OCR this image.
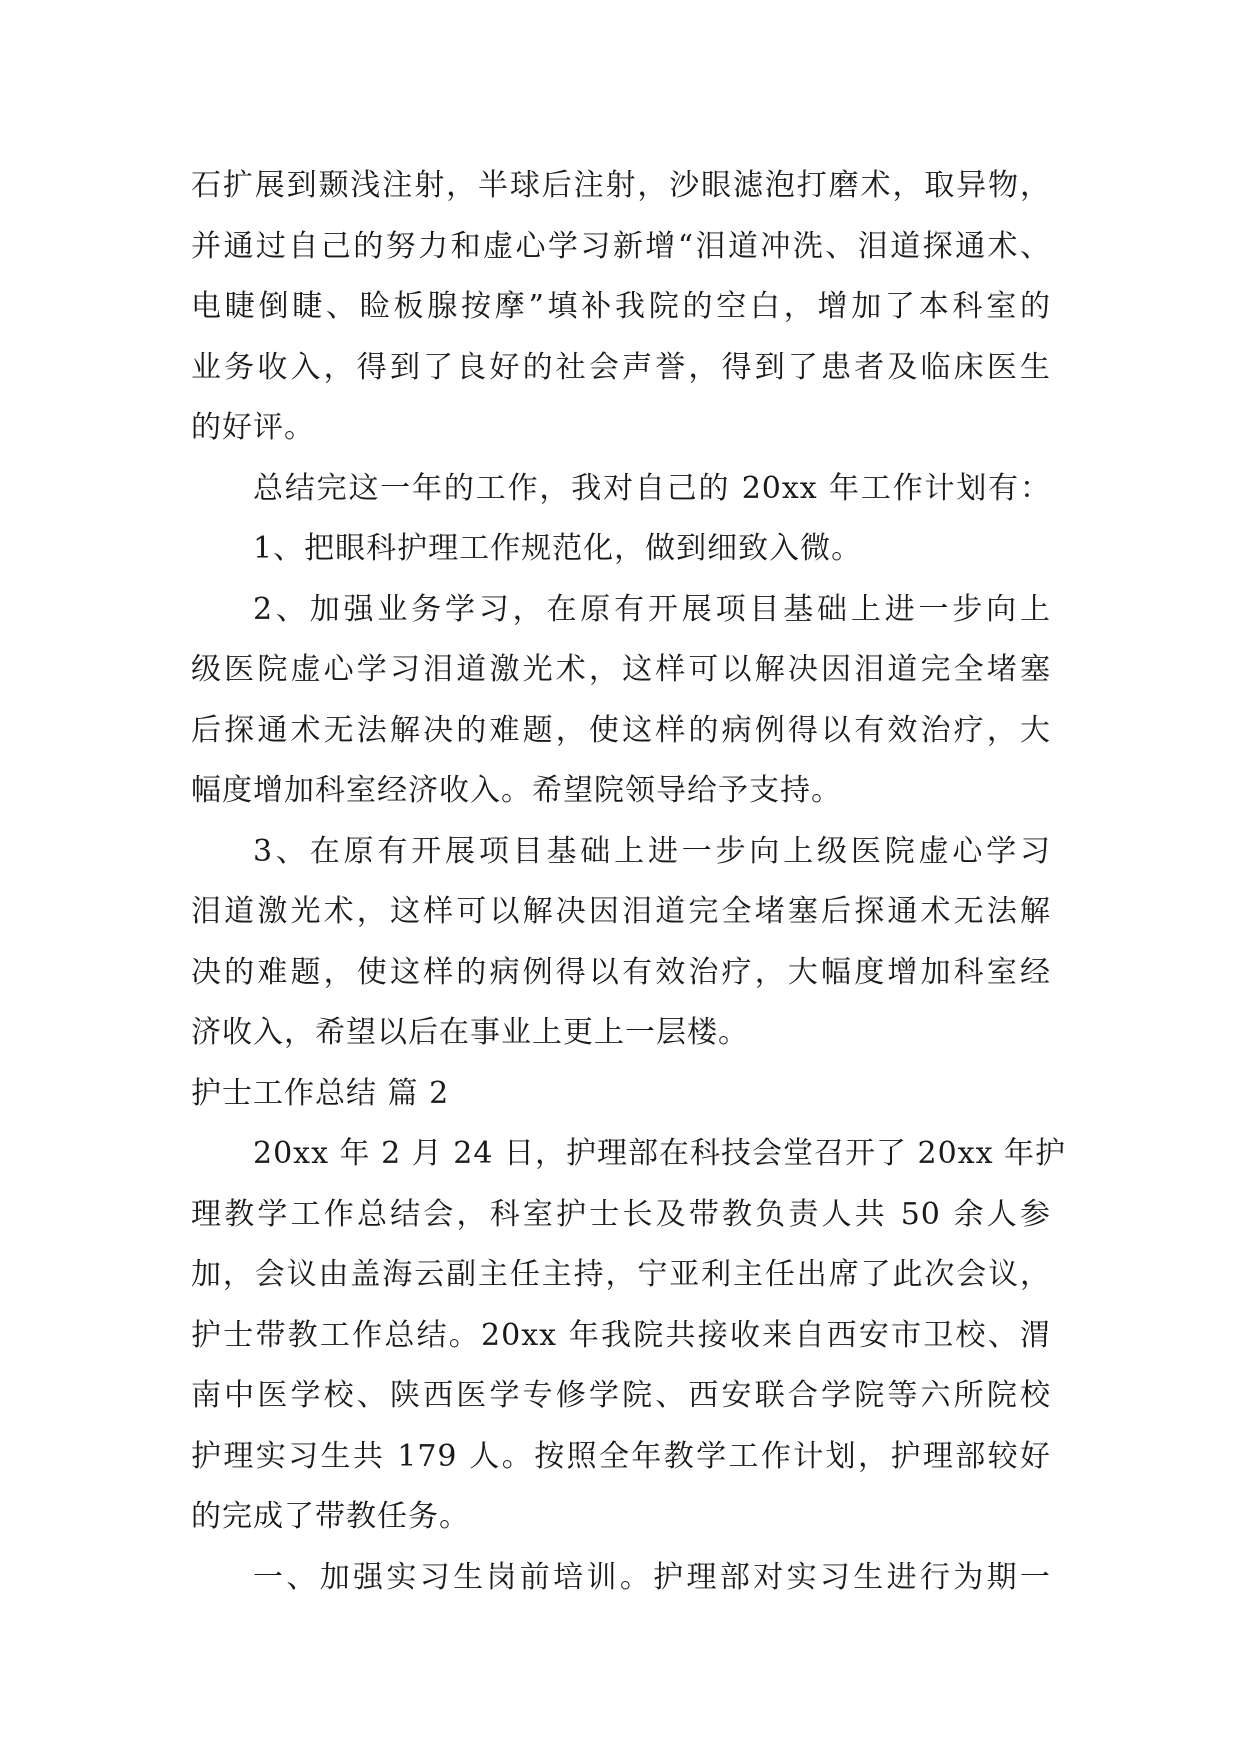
石扩展到颞浅注射，半球后注射，沙眼滤泡打磨术，取异物，
并通过自己的努力和虚心学习新增“泪道冲洗、泪道探通术、
电睫倒睫、睑板腺按摩”填补我院的空白，增加了本科室的
业务收入，得到了良好的社会声誉，得到了患者及临床医生
的好评。
总结完这一年的工作，我对自己的 20xx 年工作计划有：
1、把眼科护理工作规范化，做到细致入微。
2、加强业务学习，在原有开展项目基础上进一步向上
级医院虚心学习泪道激光术，这样可以解决因泪道完全堵塞
后探通术无法解决的难题，使这样的病例得以有效治疗，大
幅度增加科室经济收入。希望院领导给予支持。
3、在原有开展项目基础上进一步向上级医院虚心学习
泪道激光术，这样可以解决因泪道完全堵塞后探通术无法解
决的难题，使这样的病例得以有效治疗，大幅度增加科室经
济收入，希望以后在事业上更上一层楼。
护士工作总结 篇 2
20xx 年 2 月 24 日，护理部在科技会堂召开了 20xx 年护
理教学工作总结会，科室护士长及带教负责人共 50 余人参
加，会议由盖海云副主任主持，宁亚利主任出席了此次会议，
护士带教工作总结。20xx 年我院共接收来自西安市卫校、渭
南中医学校、陕西医学专修学院、西安联合学院等六所院校
护理实习生共 179 人。按照全年教学工作计划，护理部较好
的完成了带教任务。
一、加强实习生岗前培训。护理部对实习生进行为期一
